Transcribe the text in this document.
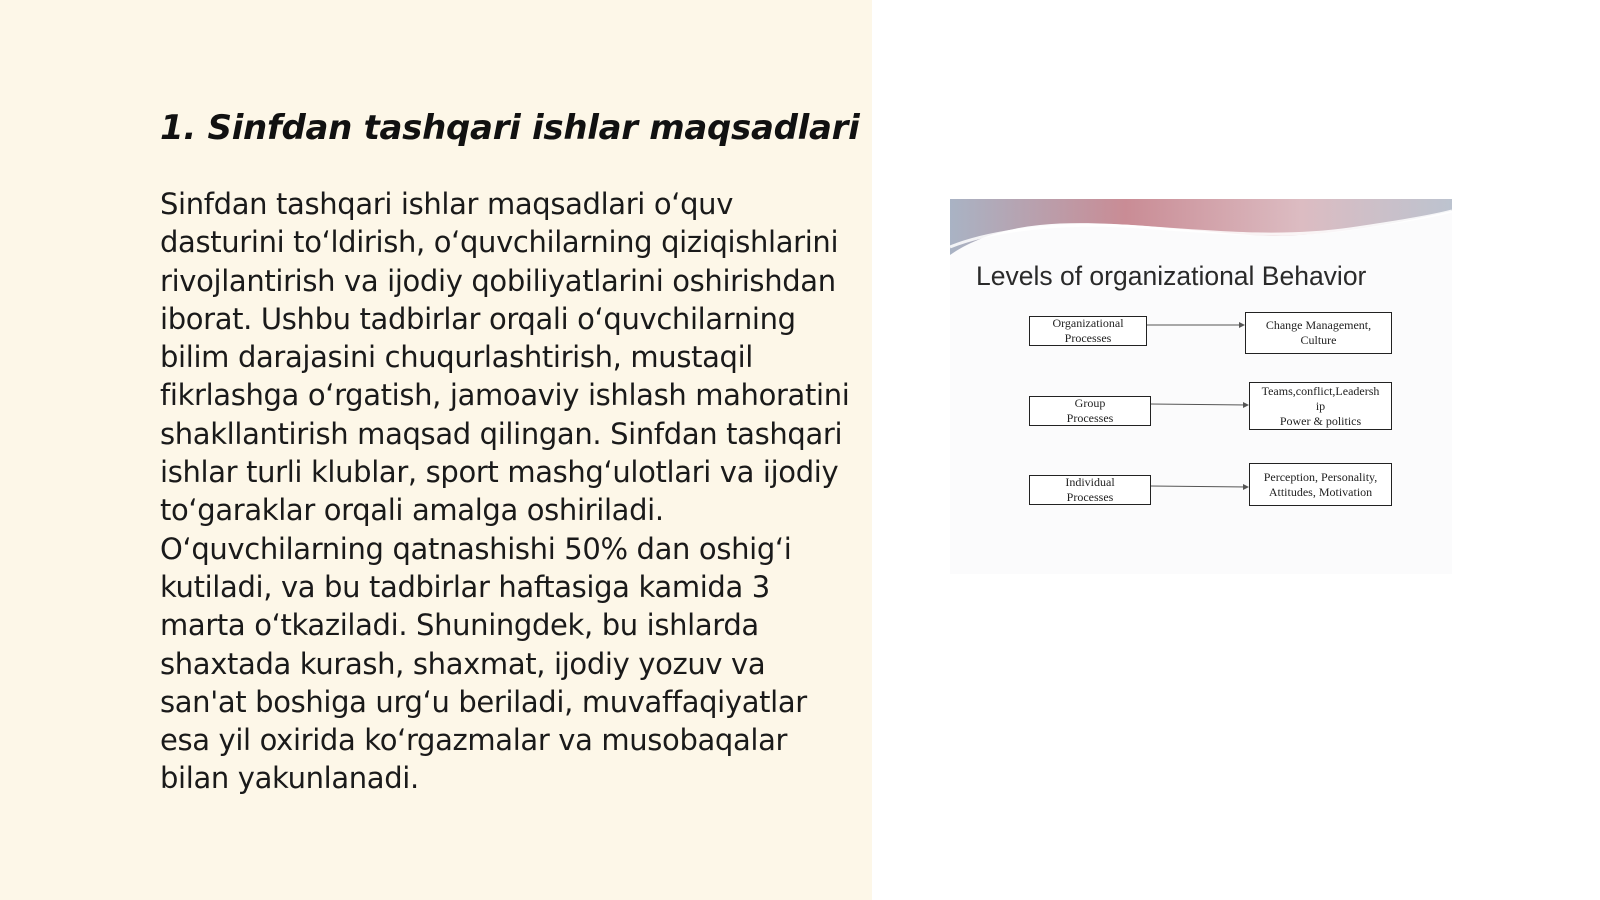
1. Sinfdan tashqari ishlar maqsadlari

Sinfdan tashqari ishlar maqsadlari o‘quv dasturini to‘ldirish, o‘quvchilarning qiziqishlarini rivojlantirish va ijodiy qobiliyatlarini oshirishdan iborat. Ushbu tadbirlar orqali o‘quvchilarning bilim darajasini chuqurlashtirish, mustaqil fikrlashga o‘rgatish, jamoaviy ishlash mahoratini shakllantirish maqsad qilingan. Sinfdan tashqari ishlar turli klublar, sport mashg‘ulotlari va ijodiy to‘garaklar orqali amalga oshiriladi. O‘quvchilarning qatnashishi 50% dan oshig‘i kutiladi, va bu tadbirlar haftasiga kamida 3 marta o‘tkaziladi. Shuningdek, bu ishlarda shaxtada kurash, shaxmat, ijodiy yozuv va san'at boshiga urg‘u beriladi, muvaffaqiyatlar esa yil oxirida ko‘rgazmalar va musobaqalar bilan yakunlanadi.

Levels of organizational Behavior
Organizational
Processes
Change Management,
Culture
Group
Processes
Teams,conflict,Leadersh
ip
Power & politics
Individual
Processes
Perception, Personality,
Attitudes, Motivation
